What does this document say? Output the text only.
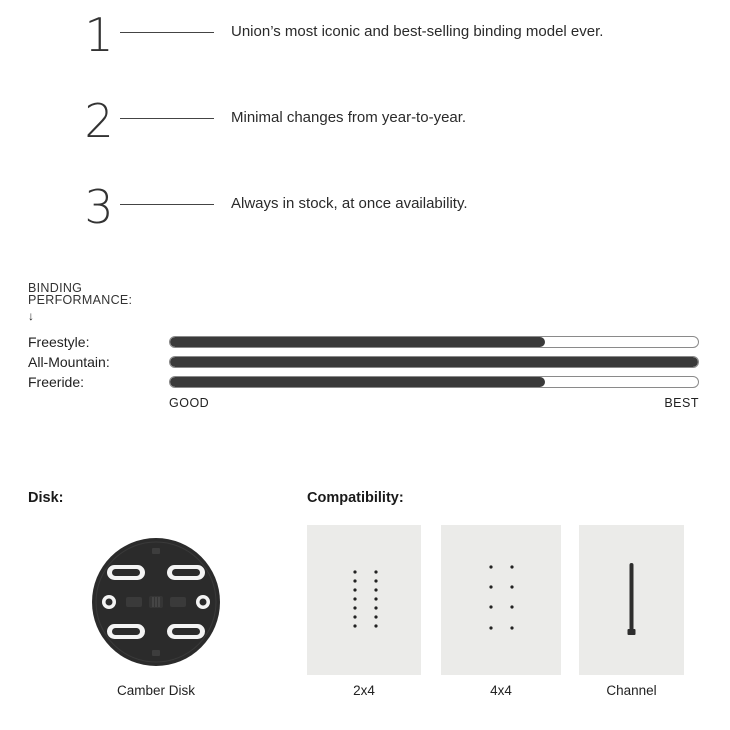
1	Union’s most iconic and best-selling binding model ever.
2	Minimal changes from year-to-year.
3	Always in stock, at once availability.
BINDING
PERFORMANCE:
↓
Freestyle:
All-Mountain:
Freeride:
GOOD	BEST
Disk:
Camber Disk
Compatibility:
2x4	4x4	Channel
